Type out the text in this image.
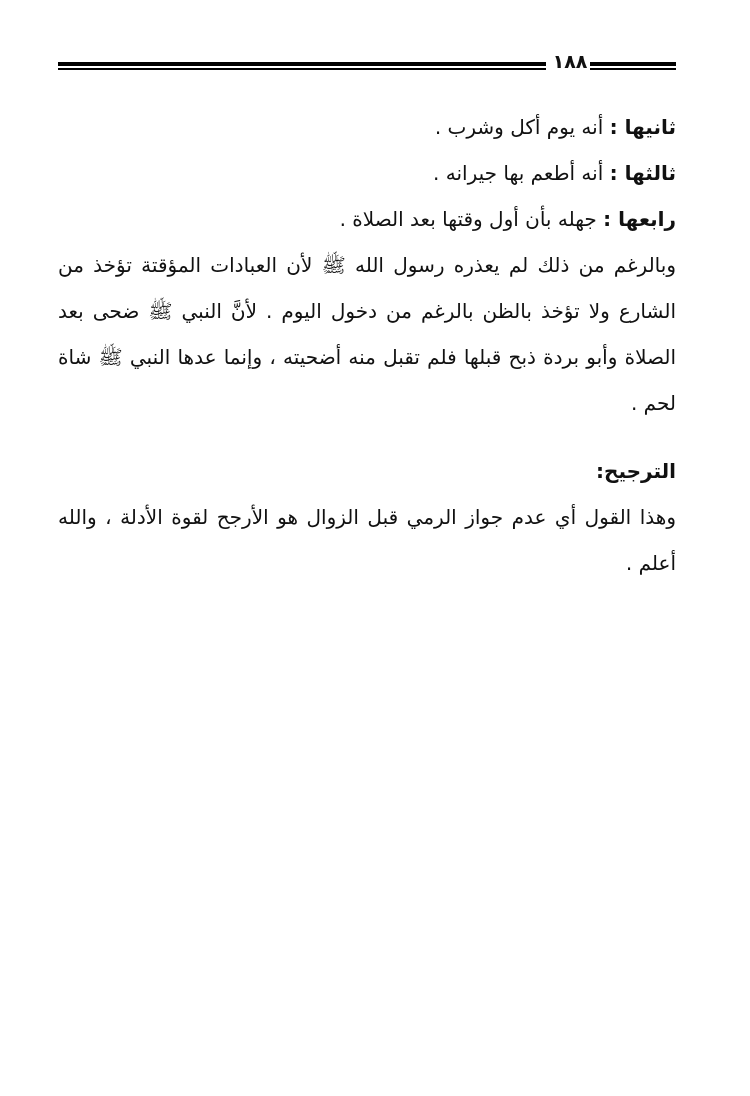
١٨٨

ثانيها : أنه يوم أكل وشرب .

ثالثها : أنه أطعم بها جيرانه .

رابعها : جهله بأن أول وقتها بعد الصلاة .

وبالرغم من ذلك لم يعذره رسول الله ﷺ لأن العبادات المؤقتة تؤخذ من الشارع ولا تؤخذ بالظن بالرغم من دخول اليوم . لأنَّ النبي ﷺ ضحى بعد الصلاة وأبو بردة ذبح قبلها فلم تقبل منه أضحيته ، وإنما عدها النبي ﷺ شاة لحم .

الترجيح:

وهذا القول أي عدم جواز الرمي قبل الزوال هو الأرجح لقوة الأدلة ، والله أعلم .
